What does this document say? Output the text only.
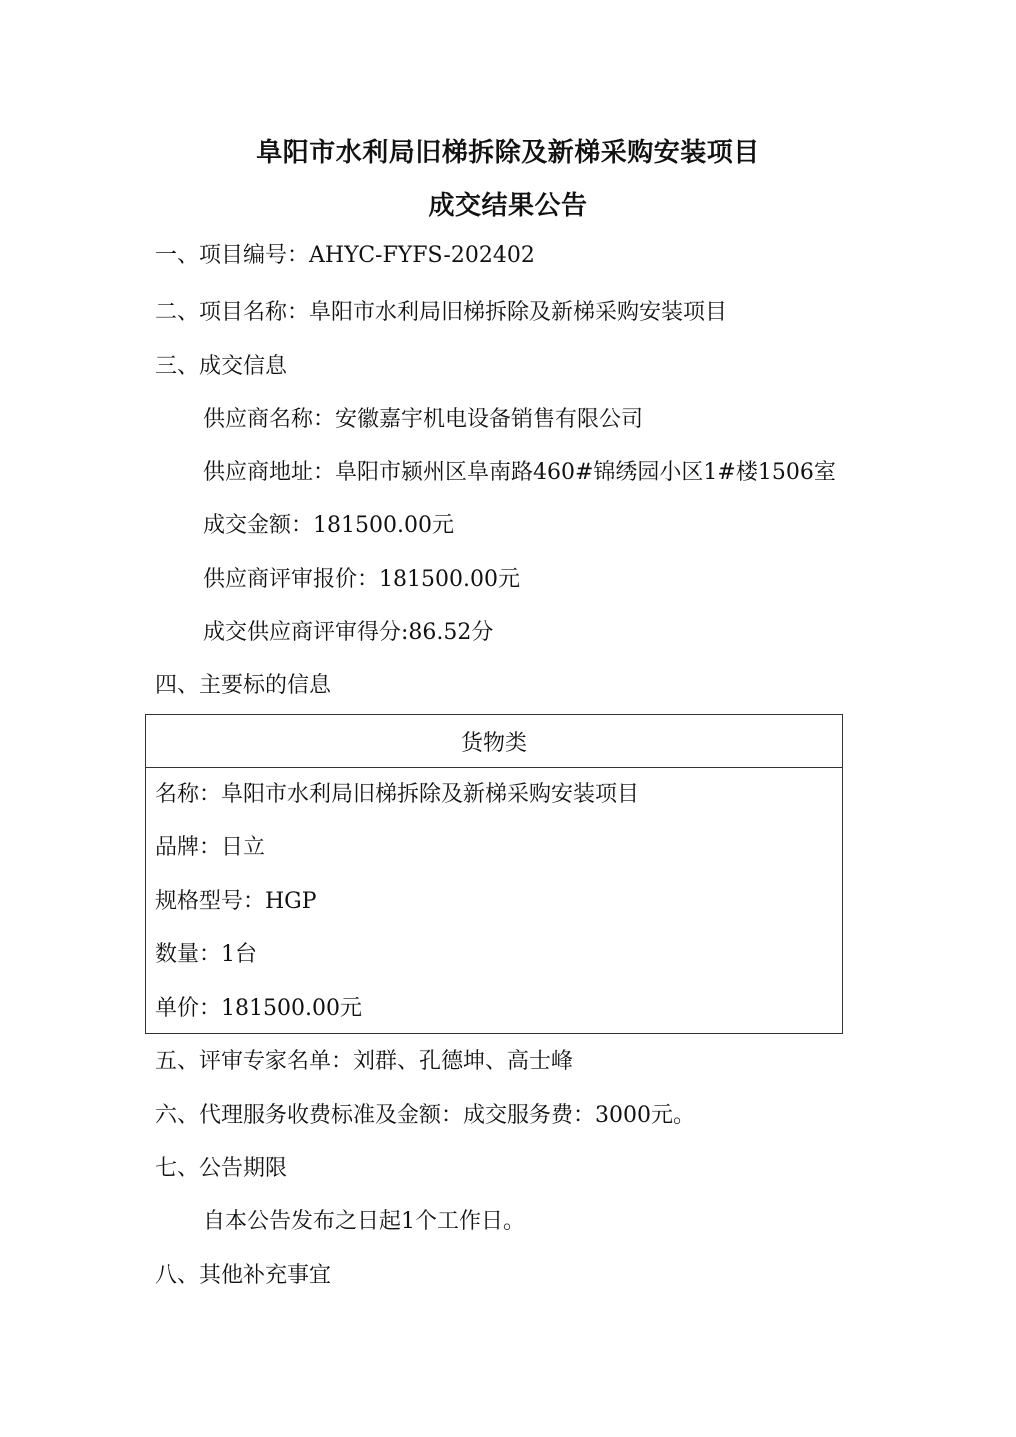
阜阳市水利局旧梯拆除及新梯采购安装项目
成交结果公告
一、项目编号：AHYC-FYFS-202402
二、项目名称：阜阳市水利局旧梯拆除及新梯采购安装项目
三、成交信息
供应商名称：安徽嘉宇机电设备销售有限公司
供应商地址：阜阳市颍州区阜南路460#锦绣园小区1#楼1506室
成交金额：181500.00元
供应商评审报价：181500.00元
成交供应商评审得分:86.52分
四、主要标的信息
货物类
名称：阜阳市水利局旧梯拆除及新梯采购安装项目
品牌：日立
规格型号：HGP
数量：1台
单价：181500.00元
五、评审专家名单：刘群、孔德坤、高士峰
六、代理服务收费标准及金额：成交服务费：3000元。
七、公告期限
自本公告发布之日起1个工作日。
八、其他补充事宜
